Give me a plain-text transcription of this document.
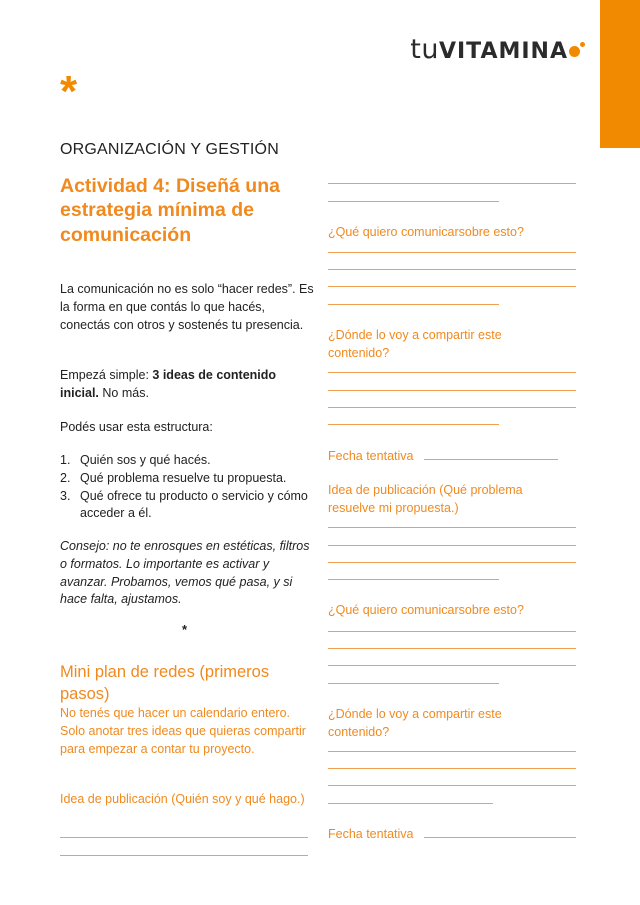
tuVITAMINA
*
ORGANIZACIÓN Y GESTIÓN
Actividad 4: Diseñá una estrategia mínima de comunicación
La comunicación no es solo “hacer redes”. Es la forma en que contás lo que hacés, conectás con otros y sostenés tu presencia.
Empezá simple: 3 ideas de contenido inicial. No más.
Podés usar esta estructura:
1. Quién sos y qué hacés.
2. Qué problema resuelve tu propuesta.
3. Qué ofrece tu producto o servicio y cómo acceder a él.
Consejo: no te enrosques en estéticas, filtros o formatos. Lo importante es activar y avanzar. Probamos, vemos qué pasa, y si hace falta, ajustamos.
*
Mini plan de redes (primeros pasos)
No tenés que hacer un calendario entero. Solo anotar tres ideas que quieras compartir para empezar a contar tu proyecto.
Idea de publicación (Quién soy y qué hago.)
¿Qué quiero comunicarsobre esto?
¿Dónde lo voy a compartir este contenido?
Fecha tentativa
Idea de publicación (Qué problema resuelve mi propuesta.)
¿Qué quiero comunicarsobre esto?
¿Dónde lo voy a compartir este contenido?
Fecha tentativa
